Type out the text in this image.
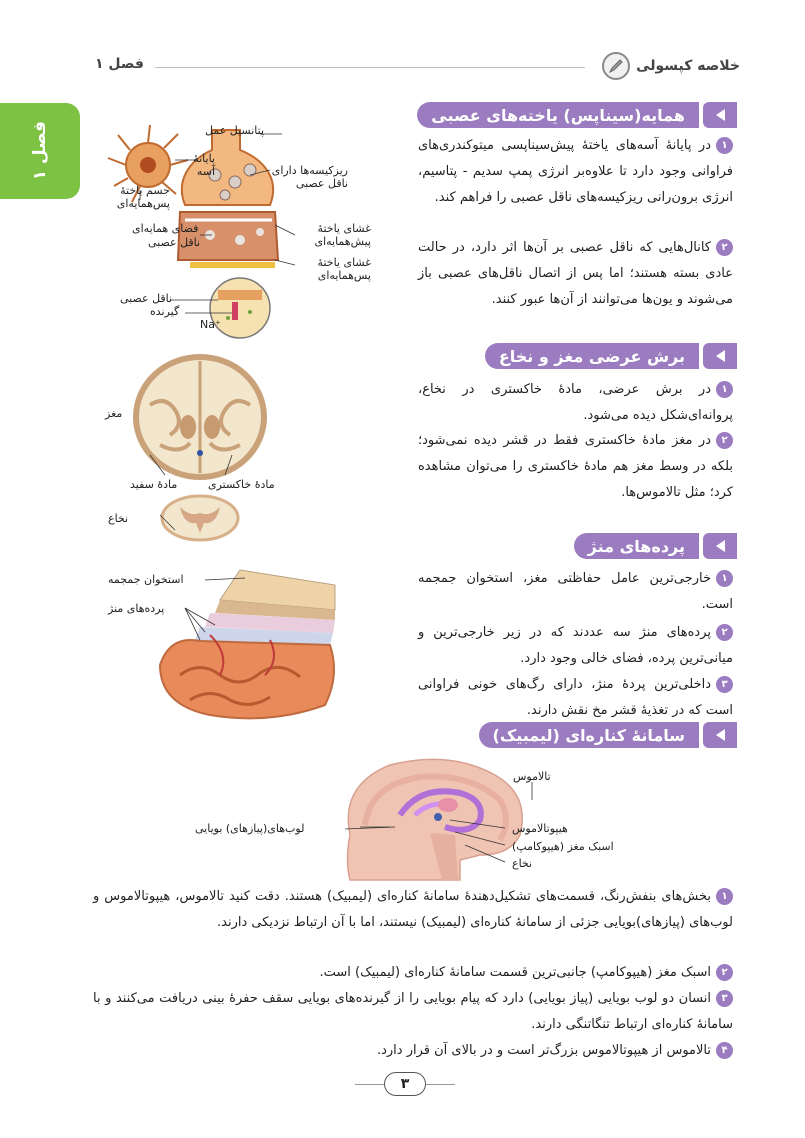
فصل ۱	خلاصه کپسولی
فصل ۱
همایه(سیناپس) یاخته‌های عصبی
۱در پایانۀ آسه‌های یاختۀ پیش‌سیناپسی میتوکندری‌های فراوانی وجود دارد تا علاوه‌بر انرژی پمپ سدیم - پتاسیم، انرژی برون‌رانی ریزکیسه‌های ناقل عصبی را فراهم کند.
۲کانال‌هایی که ناقل عصبی بر آن‌ها اثر دارد، در حالت عادی بسته هستند؛ اما پس از اتصال ناقل‌های عصبی باز می‌شوند و یون‌ها می‌توانند از آن‌ها عبور کنند.
پتانسیل عمل
پایانۀ آسه	ریزکیسه‌ها دارای ناقل عصبی
جسم یاختۀ پس‌همایه‌ای
فضای همایه‌ای
ناقل عصبی
غشای یاختۀ پیش‌همایه‌ای
غشای یاختۀ پس‌همایه‌ای
ناقل عصبی
گیرنده
Na⁺
برش عرضی مغز و نخاع
۱در برش عرضی، مادۀ خاکستری در نخاع، پروانه‌ای‌شکل دیده می‌شود.
۲در مغز مادۀ خاکستری فقط در قشر دیده نمی‌شود؛ بلکه در وسط مغز هم مادۀ خاکستری را می‌توان مشاهده کرد؛ مثل تالاموس‌ها.
مغز
مادۀ سفید	مادۀ خاکستری
نخاع
پرده‌های منژ
۱خارجی‌ترین عامل حفاظتی مغز، استخوان جمجمه است.
۲پرده‌های منژ سه عددند که در زیر خارجی‌ترین و میانی‌ترین پرده، فضای خالی وجود دارد.
۳داخلی‌ترین پردۀ منژ، دارای رگ‌های خونی فراوانی است که در تغذیۀ قشر مخ نقش دارند.
استخوان جمجمه
پرده‌های منژ
سامانۀ کناره‌ای (لیمبیک)
تالاموس
لوب‌های(پیازهای) بویایی	هیپوتالاموس
اسبک مغز (هیپوکامپ)
نخاع
۱بخش‌های بنفش‌رنگ، قسمت‌های تشکیل‌دهندۀ سامانۀ کناره‌ای (لیمبیک) هستند. دقت کنید تالاموس، هیپوتالاموس و لوب‌های (پیازهای)بویایی جزئی از سامانۀ کناره‌ای (لیمبیک) نیستند، اما با آن ارتباط نزدیکی دارند.
۲اسبک مغز (هیپوکامپ) جانبی‌ترین قسمت سامانۀ کناره‌ای (لیمبیک) است.
۳انسان دو لوب بویایی (پیاز بویایی) دارد که پیام بویایی را از گیرنده‌های بویایی سقف حفرۀ بینی دریافت می‌کنند و با سامانۀ کناره‌ای ارتباط تنگاتنگی دارند.
۴تالاموس از هیپوتالاموس بزرگ‌تر است و در بالای آن قرار دارد.
۳
